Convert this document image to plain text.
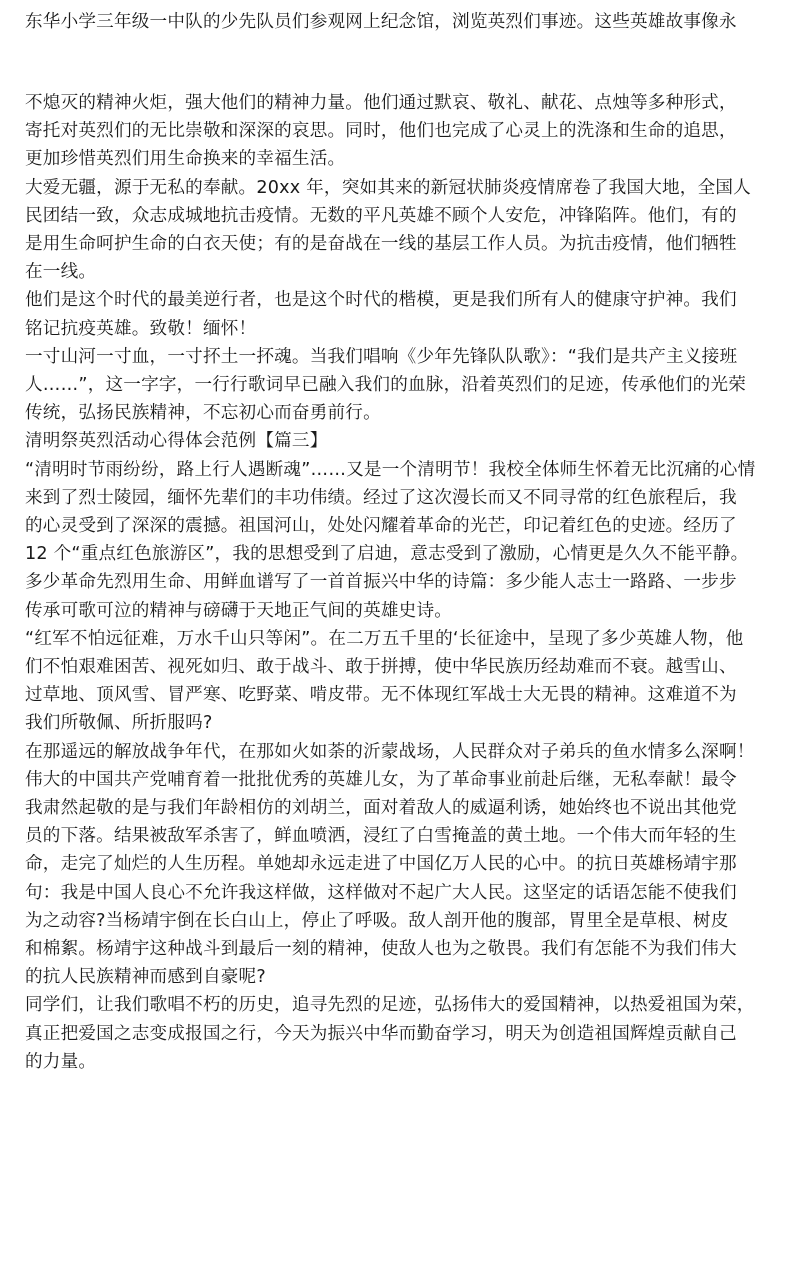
东华小学三年级一中队的少先队员们参观网上纪念馆，浏览英烈们事迹。这些英雄故事像永
不熄灭的精神火炬，强大他们的精神力量。他们通过默哀、敬礼、献花、点烛等多种形式，
寄托对英烈们的无比崇敬和深深的哀思。同时，他们也完成了心灵上的洗涤和生命的追思，
更加珍惜英烈们用生命换来的幸福生活。
大爱无疆，源于无私的奉献。20xx 年，突如其来的新冠状肺炎疫情席卷了我国大地，全国人
民团结一致，众志成城地抗击疫情。无数的平凡英雄不顾个人安危，冲锋陷阵。他们，有的
是用生命呵护生命的白衣天使；有的是奋战在一线的基层工作人员。为抗击疫情，他们牺牲
在一线。
他们是这个时代的最美逆行者，也是这个时代的楷模，更是我们所有人的健康守护神。我们
铭记抗疫英雄。致敬！缅怀！
一寸山河一寸血，一寸抔土一抔魂。当我们唱响《少年先锋队队歌》：“我们是共产主义接班
人……”，这一字字，一行行歌词早已融入我们的血脉，沿着英烈们的足迹，传承他们的光荣
传统，弘扬民族精神，不忘初心而奋勇前行。
清明祭英烈活动心得体会范例【篇三】
“清明时节雨纷纷，路上行人遇断魂”……又是一个清明节！我校全体师生怀着无比沉痛的心情
来到了烈士陵园，缅怀先辈们的丰功伟绩。经过了这次漫长而又不同寻常的红色旅程后，我
的心灵受到了深深的震撼。祖国河山，处处闪耀着革命的光芒，印记着红色的史迹。经历了
12 个“重点红色旅游区”，我的思想受到了启迪，意志受到了激励，心情更是久久不能平静。
多少革命先烈用生命、用鲜血谱写了一首首振兴中华的诗篇：多少能人志士一路路、一步步
传承可歌可泣的精神与磅礴于天地正气间的英雄史诗。
“红军不怕远征难，万水千山只等闲”。在二万五千里的‘长征途中，呈现了多少英雄人物，他
们不怕艰难困苦、视死如归、敢于战斗、敢于拼搏，使中华民族历经劫难而不衰。越雪山、
过草地、顶风雪、冒严寒、吃野菜、啃皮带。无不体现红军战士大无畏的精神。这难道不为
我们所敬佩、所折服吗?
在那遥远的解放战争年代，在那如火如荼的沂蒙战场，人民群众对子弟兵的鱼水情多么深啊！
伟大的中国共产党哺育着一批批优秀的英雄儿女，为了革命事业前赴后继，无私奉献！最令
我肃然起敬的是与我们年龄相仿的刘胡兰，面对着敌人的威逼利诱，她始终也不说出其他党
员的下落。结果被敌军杀害了，鲜血喷洒，浸红了白雪掩盖的黄土地。一个伟大而年轻的生
命，走完了灿烂的人生历程。单她却永远走进了中国亿万人民的心中。的抗日英雄杨靖宇那
句：我是中国人良心不允许我这样做，这样做对不起广大人民。这坚定的话语怎能不使我们
为之动容?当杨靖宇倒在长白山上，停止了呼吸。敌人剖开他的腹部，胃里全是草根、树皮
和棉絮。杨靖宇这种战斗到最后一刻的精神，使敌人也为之敬畏。我们有怎能不为我们伟大
的抗人民族精神而感到自豪呢?
同学们，让我们歌唱不朽的历史，追寻先烈的足迹，弘扬伟大的爱国精神，以热爱祖国为荣，
真正把爱国之志变成报国之行，今天为振兴中华而勤奋学习，明天为创造祖国辉煌贡献自己
的力量。
